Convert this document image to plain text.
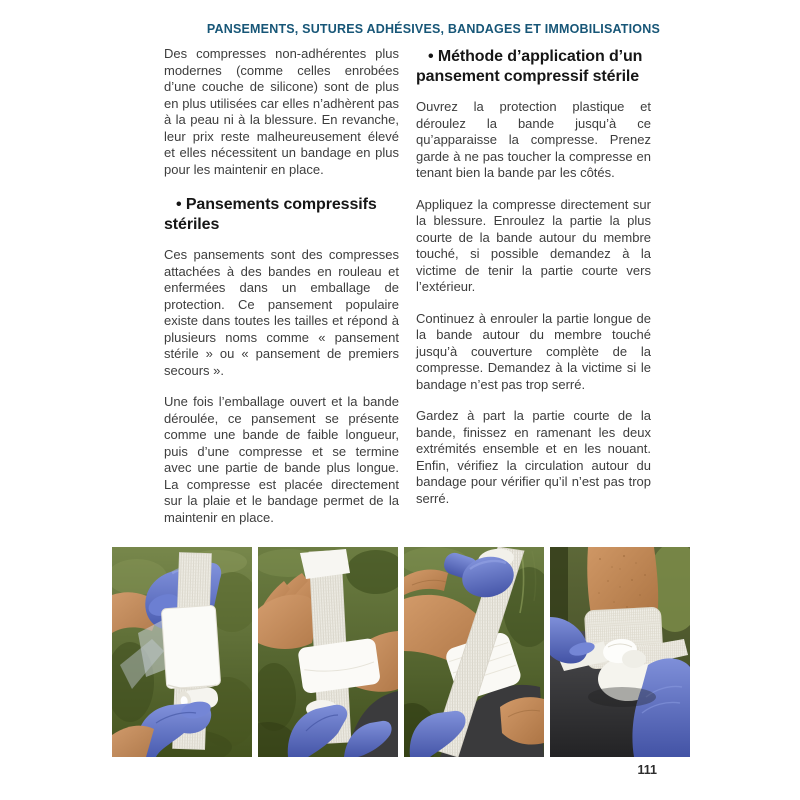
PANSEMENTS, SUTURES ADHÉSIVES, BANDAGES ET IMMOBILISATIONS

Des compresses non-adhérentes plus modernes (comme celles enrobées d’une couche de silicone) sont de plus en plus utilisées car elles n’adhèrent pas à la peau ni à la blessure. En revanche, leur prix reste malheureusement élevé et elles nécessitent un bandage en plus pour les maintenir en place.

• Pansements compressifs stériles

Ces pansements sont des compresses attachées à des bandes en rouleau et enfermées dans un emballage de protection. Ce pansement populaire existe dans toutes les tailles et répond à plusieurs noms comme « pansement stérile » ou « pansement de premiers secours ».

Une fois l’emballage ouvert et la bande déroulée, ce pansement se présente comme une bande de faible longueur, puis d’une compresse et se termine avec une partie de bande plus longue. La compresse est placée directement sur la plaie et le bandage permet de la maintenir en place.

• Méthode d’application d’un pansement compressif stérile

Ouvrez la protection plastique et déroulez la bande jusqu’à ce qu’apparaisse la compresse. Prenez garde à ne pas toucher la compresse en tenant bien la bande par les côtés.

Appliquez la compresse directement sur la blessure. Enroulez la partie la plus courte de la bande autour du membre touché, si possible demandez à la victime de tenir la partie courte vers l’extérieur.

Continuez à enrouler la partie longue de la bande autour du membre touché jusqu’à couverture complète de la compresse. Demandez à la victime si le bandage n’est pas trop serré.

Gardez à part la partie courte de la bande, finissez en ramenant les deux extrémités ensemble et en les nouant. Enfin, vérifiez la circulation autour du bandage pour vérifier qu’il n’est pas trop serré.

111
